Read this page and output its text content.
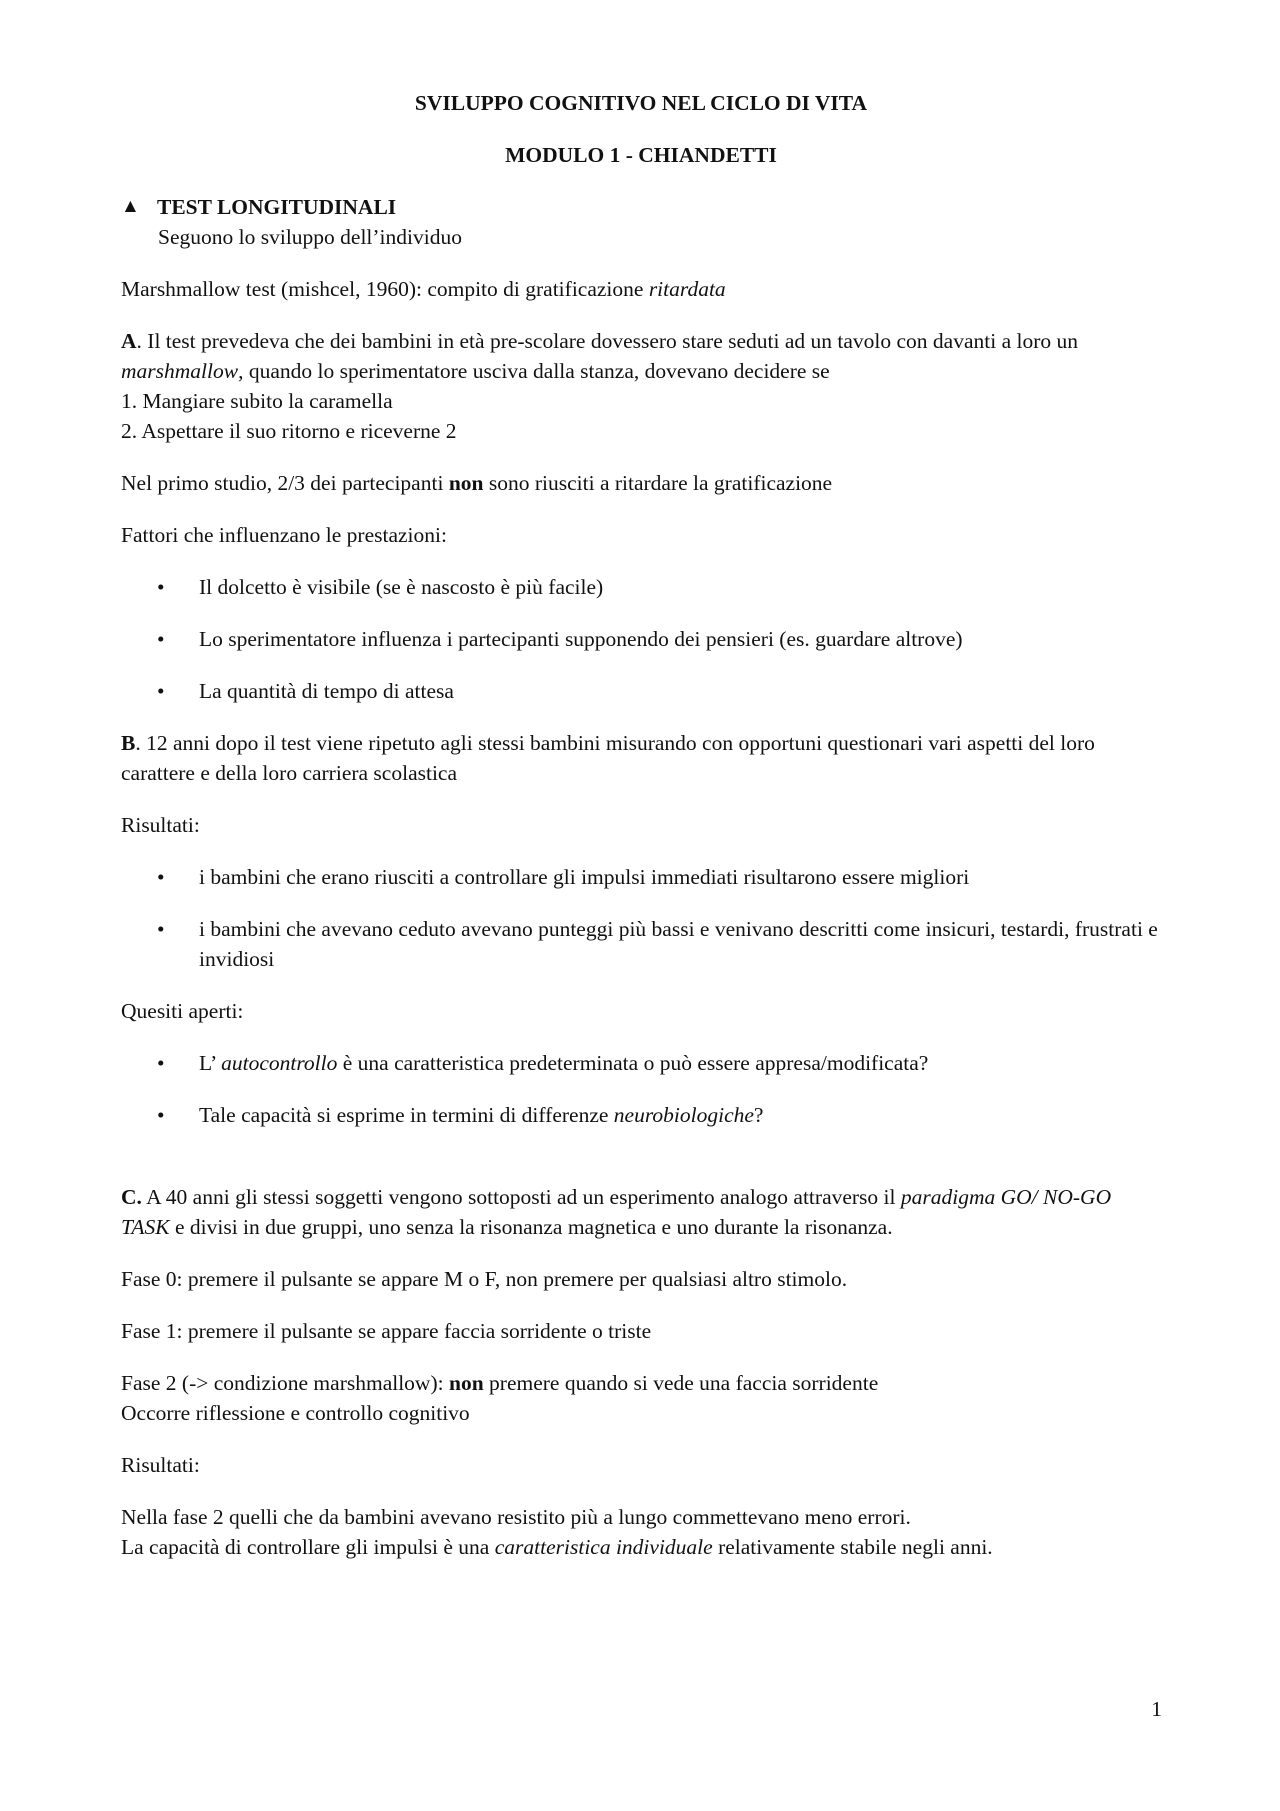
SVILUPPO COGNITIVO NEL CICLO DI VITA

MODULO 1 - CHIANDETTI

▲ TEST LONGITUDINALI
Seguono lo sviluppo dell’individuo

Marshmallow test (mishcel, 1960): compito di gratificazione ritardata

A. Il test prevedeva che dei bambini in età pre-scolare dovessero stare seduti ad un tavolo con davanti a loro un marshmallow, quando lo sperimentatore usciva dalla stanza, dovevano decidere se
1. Mangiare subito la caramella
2. Aspettare il suo ritorno e riceverne 2

Nel primo studio, 2/3 dei partecipanti non sono riusciti a ritardare la gratificazione

Fattori che influenzano le prestazioni:

•	Il dolcetto è visibile (se è nascosto è più facile)
•	Lo sperimentatore influenza i partecipanti supponendo dei pensieri (es. guardare altrove)
•	La quantità di tempo di attesa

B. 12 anni dopo il test viene ripetuto agli stessi bambini misurando con opportuni questionari vari aspetti del loro carattere e della loro carriera scolastica

Risultati:

•	i bambini che erano riusciti a controllare gli impulsi immediati risultarono essere migliori
•	i bambini che avevano ceduto avevano punteggi più bassi e venivano descritti come insicuri, testardi, frustrati e invidiosi

Quesiti aperti:

•	L’ autocontrollo è una caratteristica predeterminata o può essere appresa/modificata?
•	Tale capacità si esprime in termini di differenze neurobiologiche?

C. A 40 anni gli stessi soggetti vengono sottoposti ad un esperimento analogo attraverso il paradigma GO/ NO-GO TASK e divisi in due gruppi, uno senza la risonanza magnetica e uno durante la risonanza.

Fase 0: premere il pulsante se appare M o F, non premere per qualsiasi altro stimolo.

Fase 1: premere il pulsante se appare faccia sorridente o triste

Fase 2 (-> condizione marshmallow): non premere quando si vede una faccia sorridente
Occorre riflessione e controllo cognitivo

Risultati:

Nella fase 2 quelli che da bambini avevano resistito più a lungo commettevano meno errori.
La capacità di controllare gli impulsi è una caratteristica individuale relativamente stabile negli anni.

1
